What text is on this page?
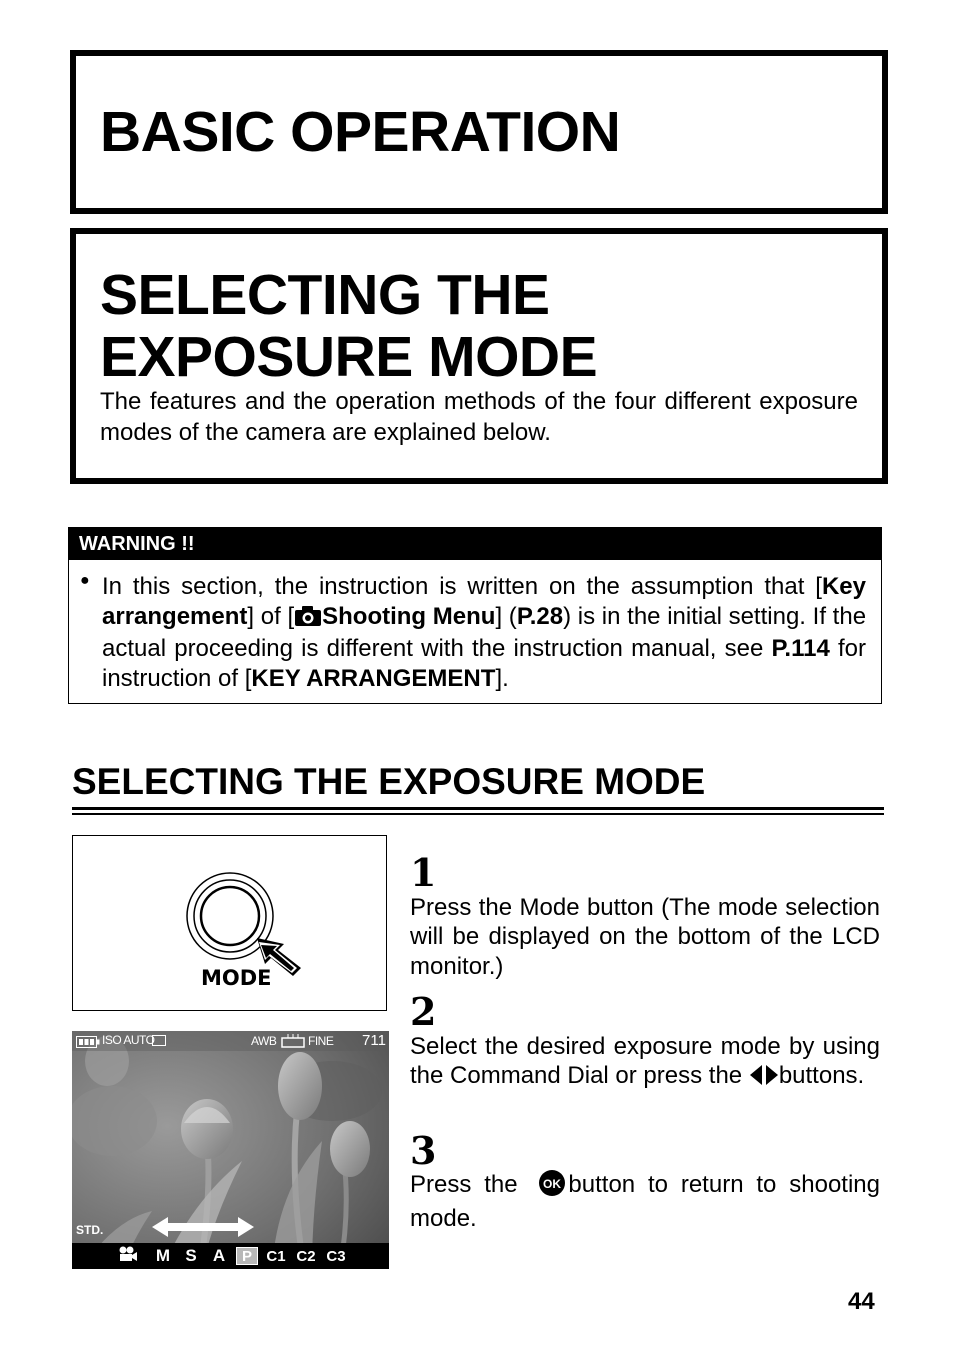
BASIC OPERATION
SELECTING THE EXPOSURE MODE

The features and the operation methods of the four different exposure modes of the camera are explained below.

WARNING !!
● In this section, the instruction is written on the assumption that [Key arrangement] of [ Shooting Menu] (P.28) is in the initial setting. If the actual proceeding is different with the instruction manual, see P.114 for instruction of [KEY ARRANGEMENT].

SELECTING THE EXPOSURE MODE
MODE
ISO AUTO	AWB	FINE 711
STD.
M S A	P C1 C2 C3
1

Press the Mode button (The mode selection will be displayed on the bottom of the LCD monitor.)

2

Select the desired exposure mode by using the Command Dial or press the buttons.

3

Press the OK button to return to shooting mode.

44
